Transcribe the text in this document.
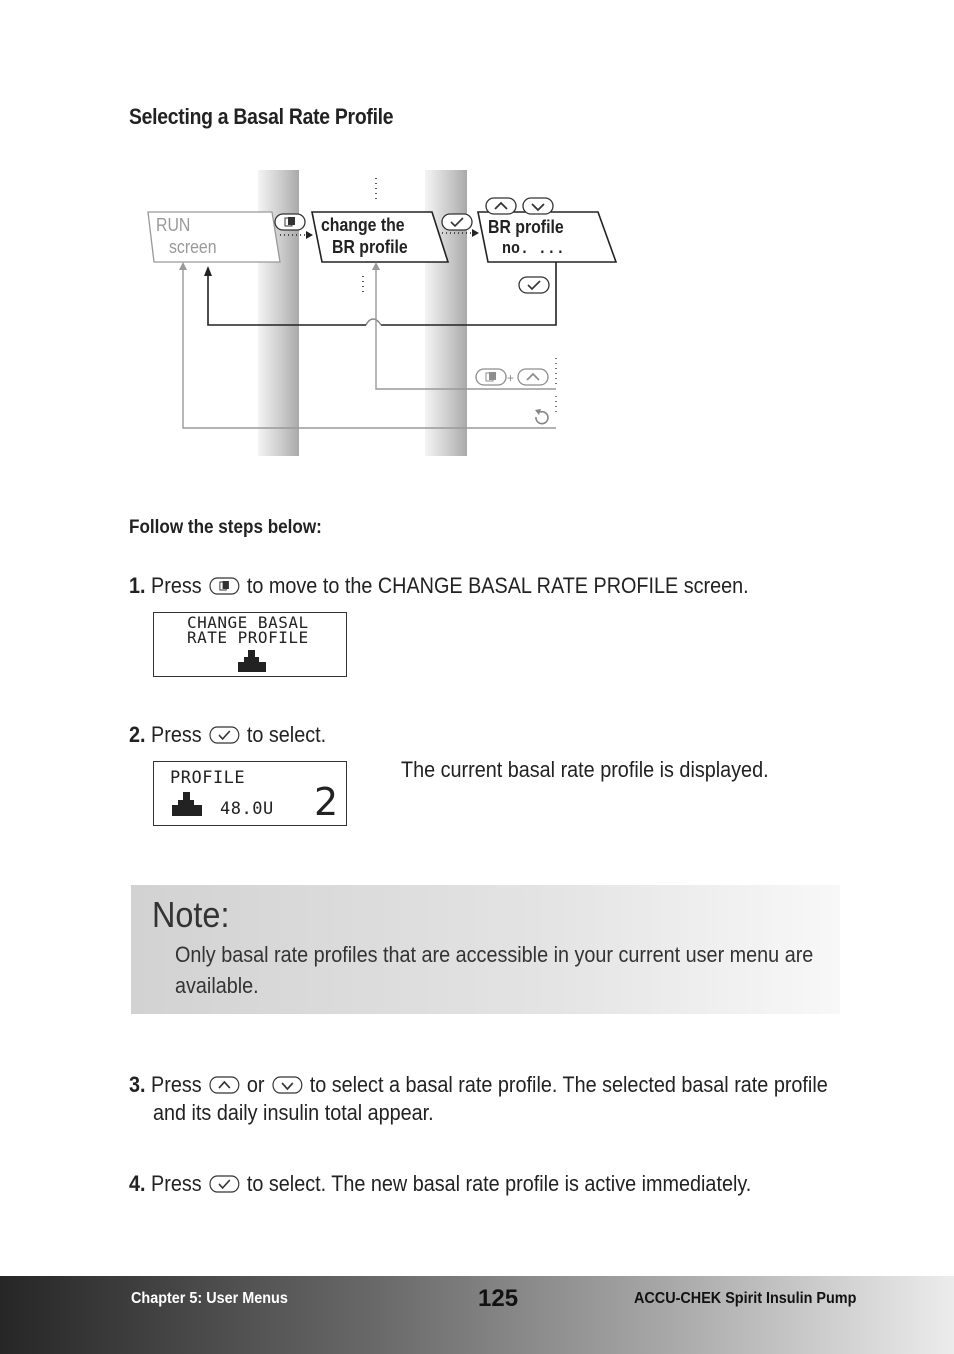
Selecting a Basal Rate Profile
+
RUN
screen
change the
BR profile
BR profile
no. ...
Follow the steps below:
1. Press to move to the CHANGE BASAL RATE PROFILE screen.
CHANGE BASAL
RATE PROFILE
2. Press to select.
PROFILE
48.0U 2
The current basal rate profile is displayed.
Note:
Only basal rate profiles that are accessible in your current user menu are available.
3. Press or to select a basal rate profile. The selected basal rate profile
and its daily insulin total appear.
4. Press to select. The new basal rate profile is active immediately.
Chapter 5: User Menus	125	ACCU-CHEK Spirit Insulin Pump
